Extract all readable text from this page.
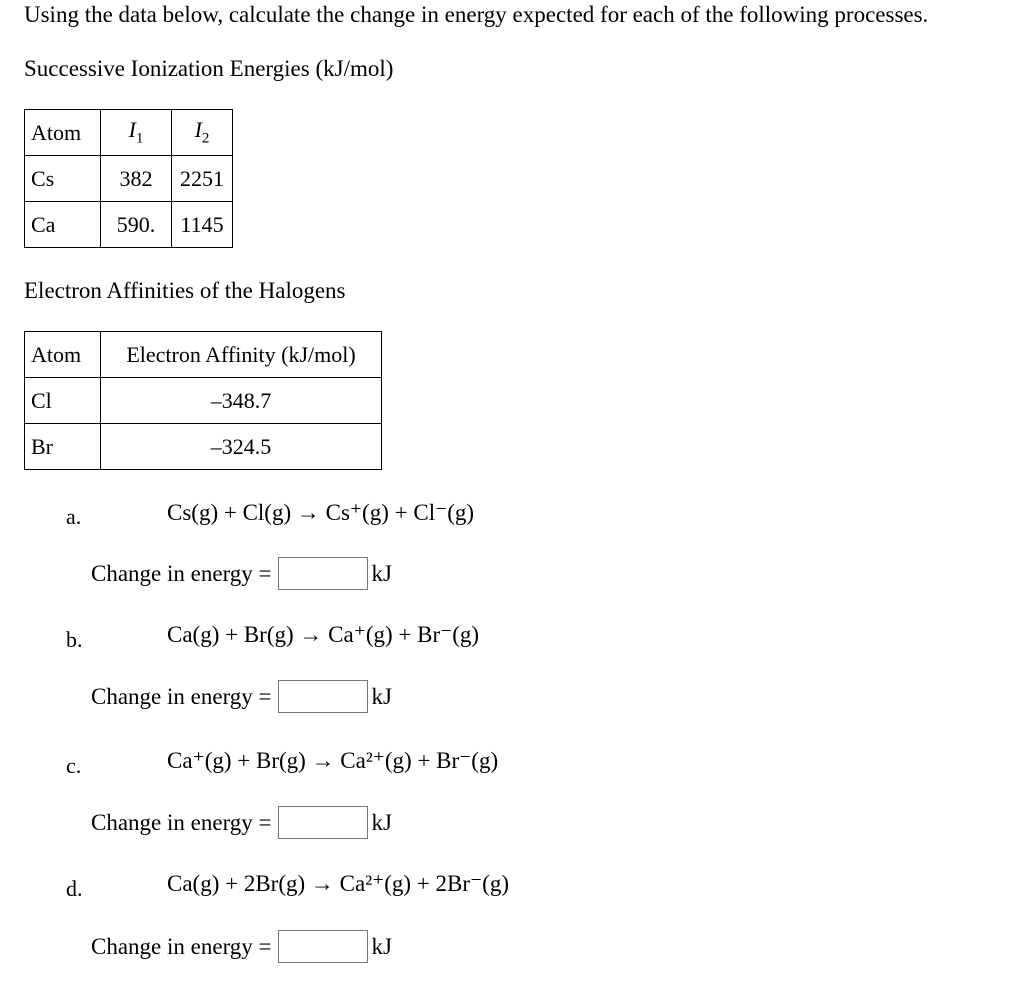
Using the data below, calculate the change in energy expected for each of the following processes.
Successive Ionization Energies (kJ/mol)
Atom	$I_1$	$I_2$
Cs	382	2251
Ca	590.	1145
Electron Affinities of the Halogens
Atom	Electron Affinity (kJ/mol)
Cl	–348.7
Br	–324.5
a.	Cs(g) + Cl(g) → Cs⁺(g) + Cl⁻(g)
Change in energy =	kJ
b.	Ca(g) + Br(g) → Ca⁺(g) + Br⁻(g)
Change in energy =	kJ
c.	Ca⁺(g) + Br(g) → Ca²⁺(g) + Br⁻(g)
Change in energy =	kJ
d.	Ca(g) + 2Br(g) → Ca²⁺(g) + 2Br⁻(g)
Change in energy =	kJ
